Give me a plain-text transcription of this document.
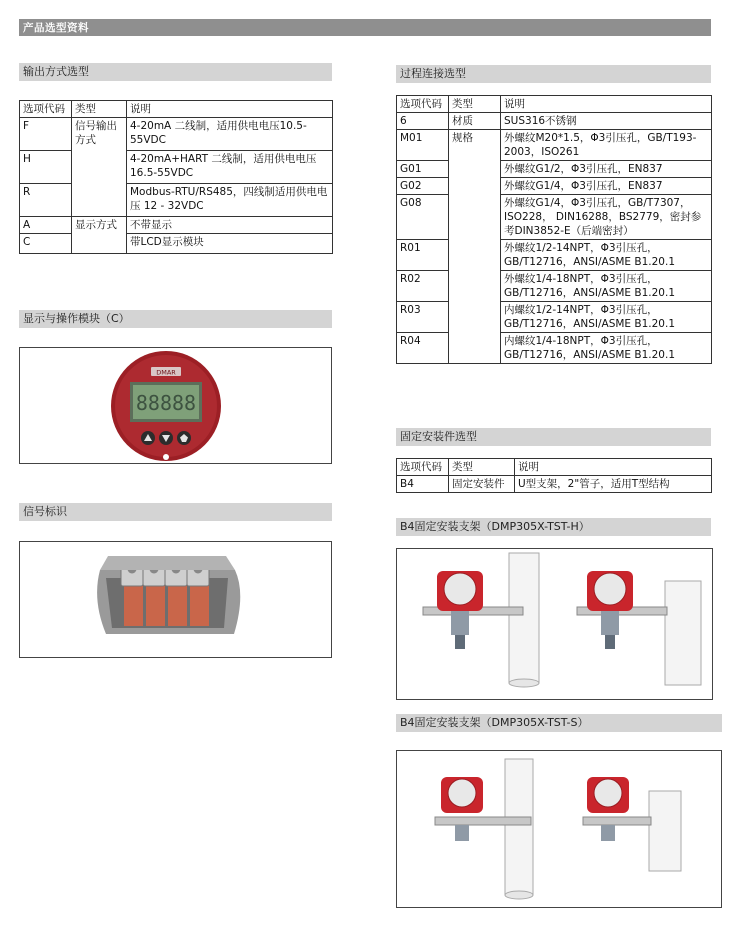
产品选型资料
输出方式选型
选项代码	类型	说明
F	信号输出方式	4-20mA 二线制，适用供电电压10.5-55VDC
H		4-20mA+HART 二线制，适用供电电压16.5-55VDC
R		Modbus-RTU/RS485，四线制适用供电电压 12 - 32VDC
A	显示方式	不带显示
C		带LCD显示模块
显示与操作模块（C）
DMAR
88888
信号标识
过程连接选型
选项代码	类型	说明
6	材质	SUS316不锈钢
M01	规格	外螺纹M20*1.5，Φ3引压孔，GB/T193-2003，ISO261
G01		外螺纹G1/2，Φ3引压孔，EN837
G02		外螺纹G1/4，Φ3引压孔，EN837
G08		外螺纹G1/4，Φ3引压孔，GB/T7307，ISO228， DIN16288，BS2779，密封参考DIN3852-E（后端密封）
R01		外螺纹1/2-14NPT，Φ3引压孔，GB/T12716，ANSI/ASME B1.20.1
R02		外螺纹1/4-18NPT，Φ3引压孔，GB/T12716，ANSI/ASME B1.20.1
R03		内螺纹1/2-14NPT，Φ3引压孔，GB/T12716，ANSI/ASME B1.20.1
R04		内螺纹1/4-18NPT，Φ3引压孔，GB/T12716，ANSI/ASME B1.20.1
固定安装件选型
选项代码	类型	说明
B4	固定安装件	U型支架，2"管子，适用T型结构
B4固定安装支架（DMP305X-TST-H）
B4固定安装支架（DMP305X-TST-S）
